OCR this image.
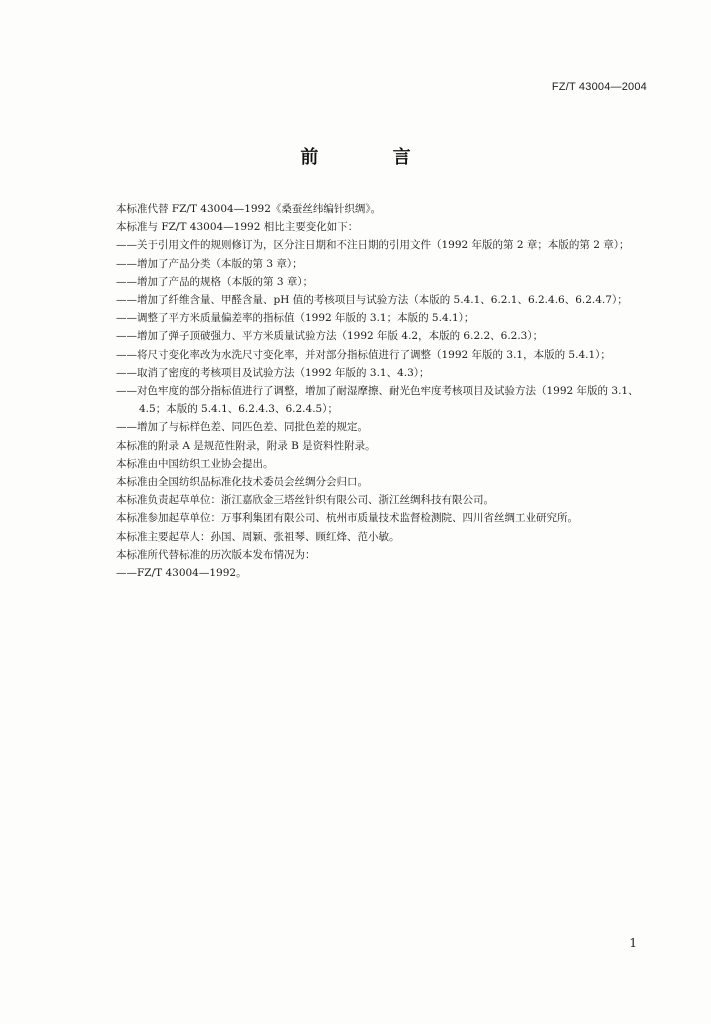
FZ/T 43004—2004
前 言

本标准代替 FZ/T 43004—1992《桑蚕丝纬编针织绸》。

本标准与 FZ/T 43004—1992 相比主要变化如下：

——关于引用文件的规则修订为，区分注日期和不注日期的引用文件（1992 年版的第 2 章；本版的第 2 章）；

——增加了产品分类（本版的第 3 章）；

——增加了产品的规格（本版的第 3 章）；

——增加了纤维含量、甲醛含量、pH 值的考核项目与试验方法（本版的 5.4.1、6.2.1、6.2.4.6、6.2.4.7）；

——调整了平方米质量偏差率的指标值（1992 年版的 3.1；本版的 5.4.1）；

——增加了弹子顶破强力、平方米质量试验方法（1992 年版 4.2，本版的 6.2.2、6.2.3）；

——将尺寸变化率改为水洗尺寸变化率，并对部分指标值进行了调整（1992 年版的 3.1，本版的 5.4.1）；

——取消了密度的考核项目及试验方法（1992 年版的 3.1、4.3）；

——对色牢度的部分指标值进行了调整，增加了耐湿摩擦、耐光色牢度考核项目及试验方法（1992 年版的 3.1、4.5；本版的 5.4.1、6.2.4.3、6.2.4.5）；

——增加了与标样色差、同匹色差、同批色差的规定。

本标准的附录 A 是规范性附录，附录 B 是资料性附录。

本标准由中国纺织工业协会提出。

本标准由全国纺织品标准化技术委员会丝绸分会归口。

本标准负责起草单位：浙江嘉欣金三塔丝针织有限公司、浙江丝绸科技有限公司。

本标准参加起草单位：万事利集团有限公司、杭州市质量技术监督检测院、四川省丝绸工业研究所。

本标准主要起草人：孙国、周颖、张祖琴、顾红烽、范小敏。

本标准所代替标准的历次版本发布情况为：

——FZ/T 43004—1992。

1
